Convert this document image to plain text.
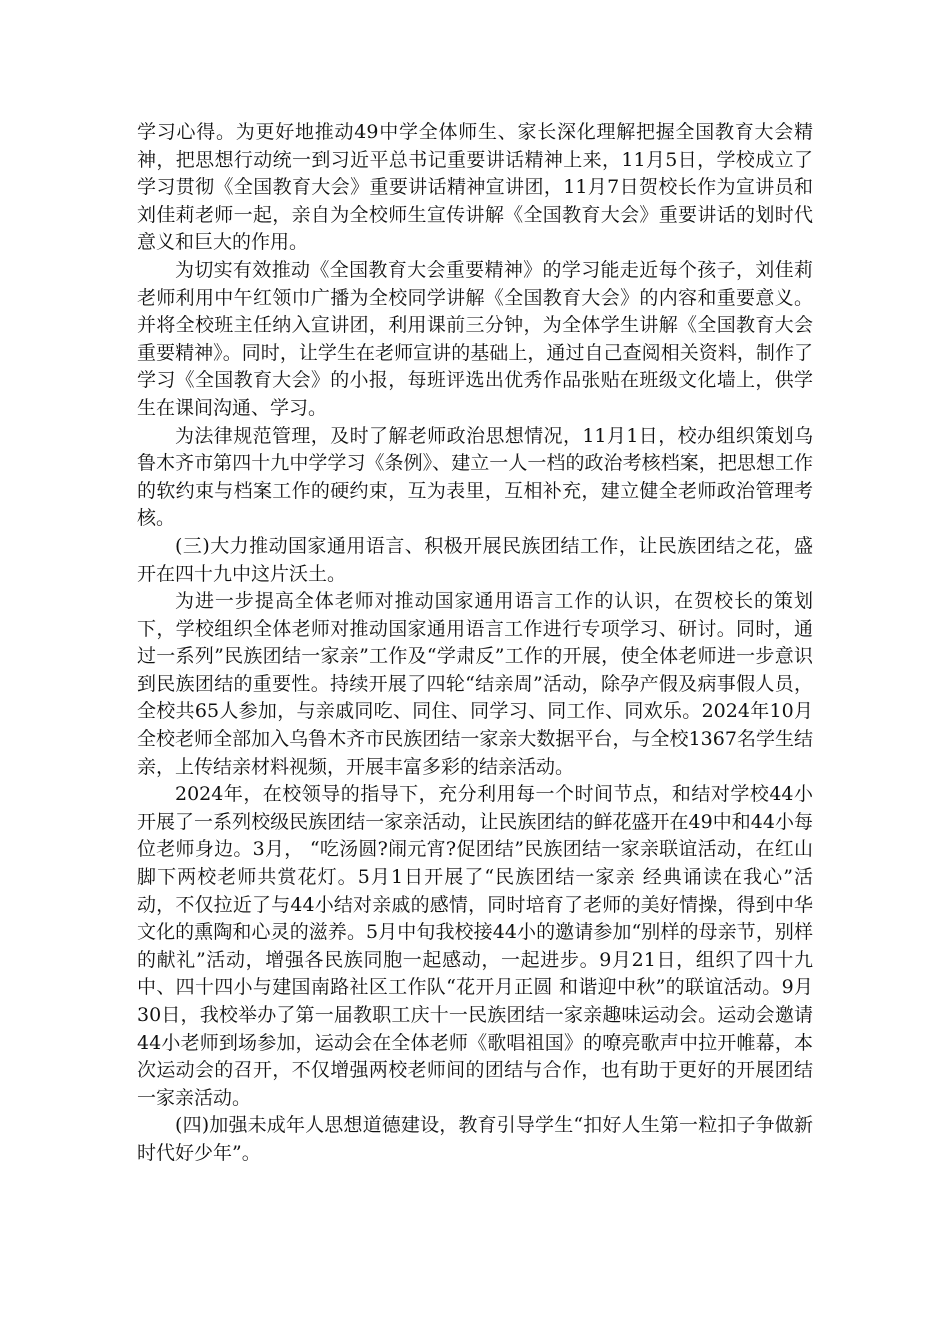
学习心得。为更好地推动49中学全体师生、家长深化理解把握全国教育大会精神，把思想行动统一到习近平总书记重要讲话精神上来，11月5日，学校成立了学习贯彻《全国教育大会》重要讲话精神宣讲团，11月7日贺校长作为宣讲员和刘佳莉老师一起，亲自为全校师生宣传讲解《全国教育大会》重要讲话的划时代意义和巨大的作用。

为切实有效推动《全国教育大会重要精神》的学习能走近每个孩子，刘佳莉老师利用中午红领巾广播为全校同学讲解《全国教育大会》的内容和重要意义。并将全校班主任纳入宣讲团，利用课前三分钟，为全体学生讲解《全国教育大会重要精神》。同时，让学生在老师宣讲的基础上，通过自己查阅相关资料，制作了学习《全国教育大会》的小报，每班评选出优秀作品张贴在班级文化墙上，供学生在课间沟通、学习。

为法律规范管理，及时了解老师政治思想情况，11月1日，校办组织策划乌鲁木齐市第四十九中学学习《条例》、建立一人一档的政治考核档案，把思想工作的软约束与档案工作的硬约束，互为表里，互相补充，建立健全老师政治管理考核。

(三)大力推动国家通用语言、积极开展民族团结工作，让民族团结之花，盛开在四十九中这片沃土。

为进一步提高全体老师对推动国家通用语言工作的认识，在贺校长的策划下，学校组织全体老师对推动国家通用语言工作进行专项学习、研讨。同时，通过一系列”民族团结一家亲”工作及“学肃反”工作的开展，使全体老师进一步意识到民族团结的重要性。持续开展了四轮“结亲周”活动，除孕产假及病事假人员，全校共65人参加，与亲戚同吃、同住、同学习、同工作、同欢乐。2024年10月全校老师全部加入乌鲁木齐市民族团结一家亲大数据平台，与全校1367名学生结亲，上传结亲材料视频，开展丰富多彩的结亲活动。

2024年，在校领导的指导下，充分利用每一个时间节点，和结对学校44小开展了一系列校级民族团结一家亲活动，让民族团结的鲜花盛开在49中和44小每位老师身边。3月， “吃汤圆?闹元宵?促团结”民族团结一家亲联谊活动，在红山脚下两校老师共赏花灯。5月1日开展了“民族团结一家亲 经典诵读在我心”活动，不仅拉近了与44小结对亲戚的感情，同时培育了老师的美好情操，得到中华文化的熏陶和心灵的滋养。5月中旬我校接44小的邀请参加“别样的母亲节，别样的献礼”活动，增强各民族同胞一起感动，一起进步。9月21日，组织了四十九中、四十四小与建国南路社区工作队“花开月正圆 和谐迎中秋”的联谊活动。9月30日，我校举办了第一届教职工庆十一民族团结一家亲趣味运动会。运动会邀请44小老师到场参加，运动会在全体老师《歌唱祖国》的嘹亮歌声中拉开帷幕，本次运动会的召开，不仅增强两校老师间的团结与合作，也有助于更好的开展团结一家亲活动。

(四)加强未成年人思想道德建设，教育引导学生“扣好人生第一粒扣子争做新时代好少年”。
